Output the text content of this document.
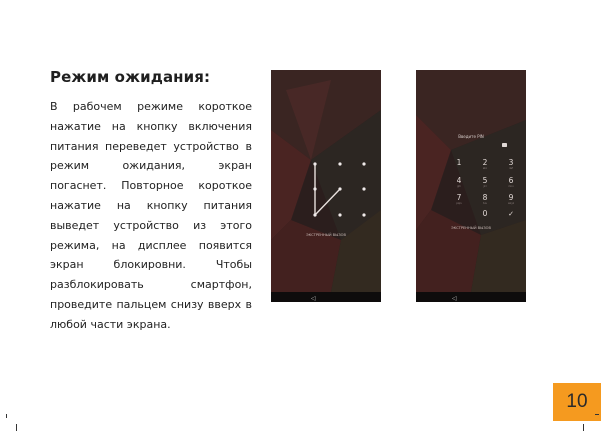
Режим ожидания:

В рабочем режиме короткое нажатие на кнопку включения питания переведет устройство в режим ожидания, экран погаснет. Повторное короткое нажатие на кнопку питания выведет устройство из этого режима, на дисплее появится экран блокировни. Чтобы разблокировать смартфон, проведите пальцем снизу вверх в любой части экрана.

ЭКСТРЕННЫЙ ВЫЗОВ
◁
Введите PIN
1	2	3
4	5	6
7	8	9
0	✓
abc	def
ghi	jkl	mno
pqrs	tuv	wxyz
ЭКСТРЕННЫЙ ВЫЗОВ
◁
10
